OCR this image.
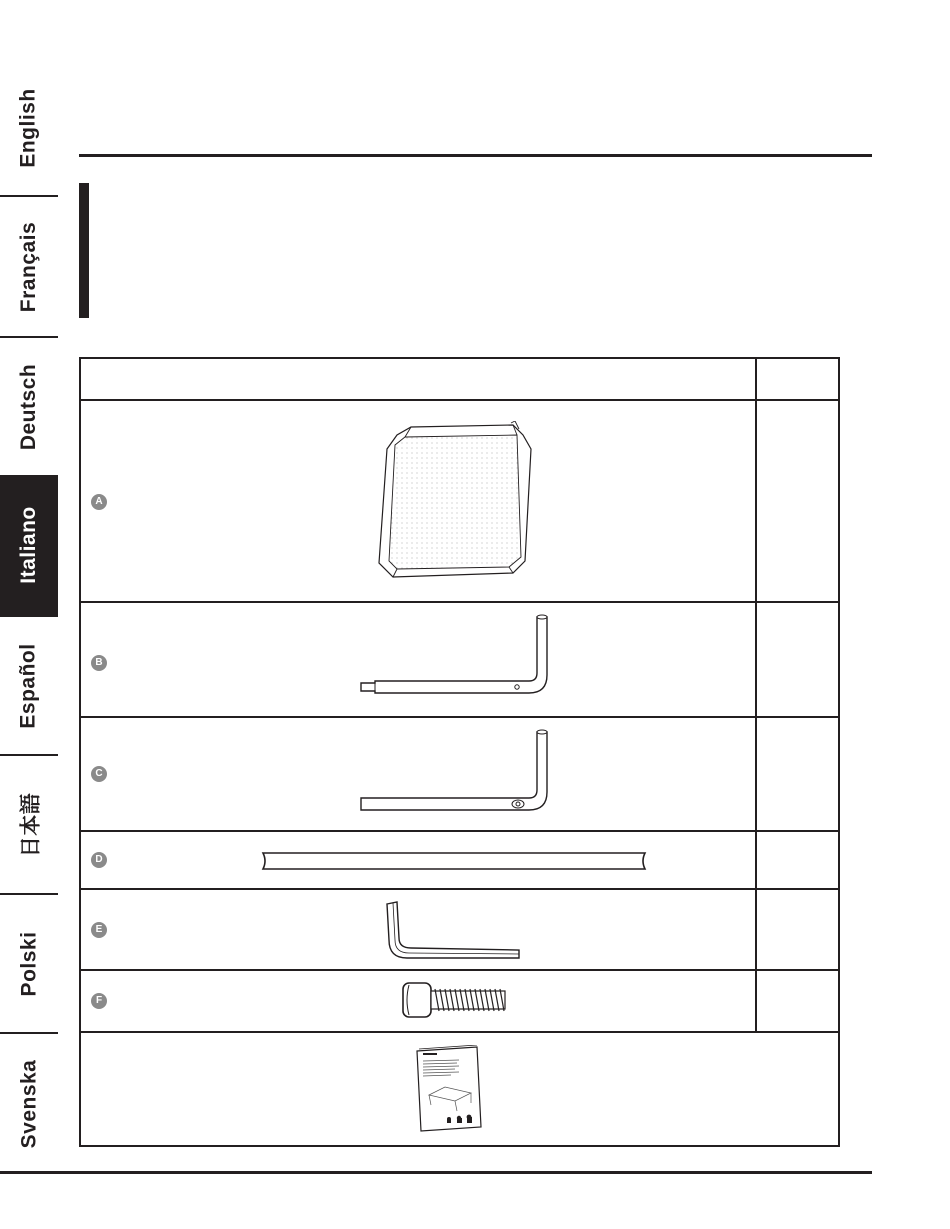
English
Français
Deutsch
Italiano
Español
日本語
Polski
Svenska
A
B
C
D
E
F
